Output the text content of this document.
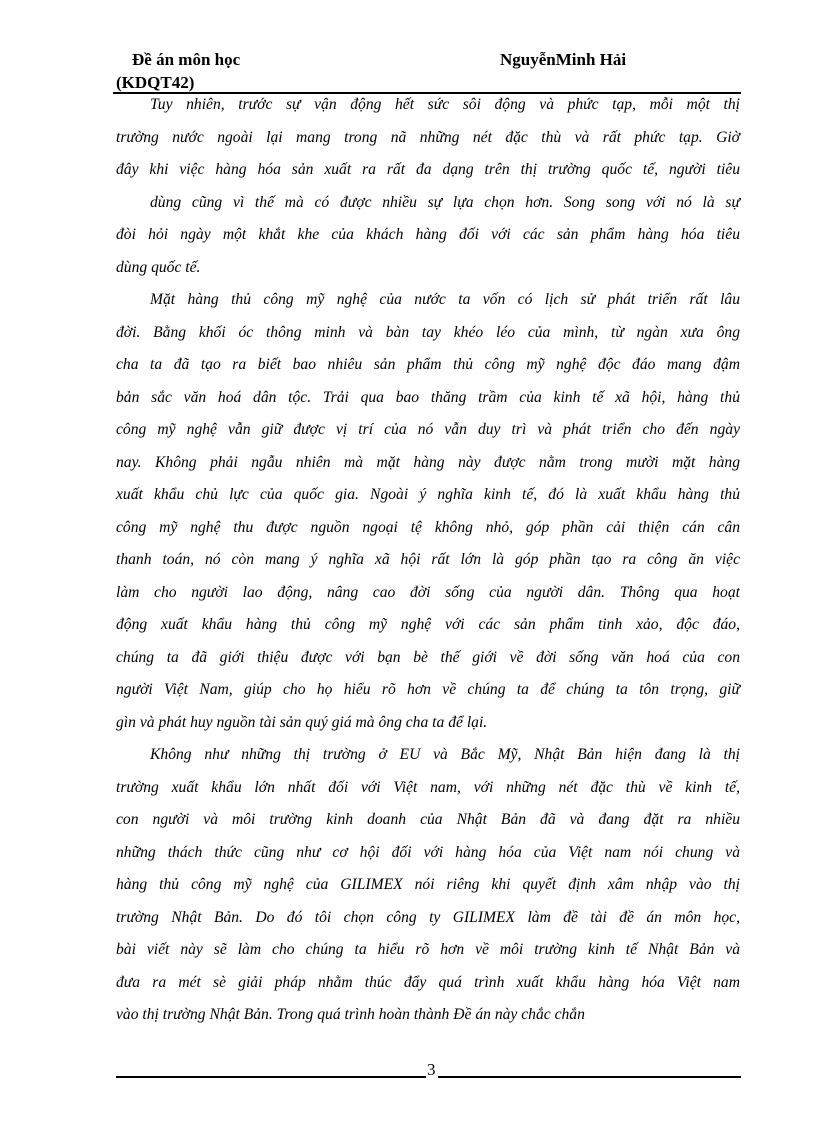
Đề án môn học	NguyễnMinh Hải
(KDQT42)
Tuy nhiên, trước sự vận động hết sức sôi động và phức tạp, mỗi một thị
trường nước ngoài lại mang trong nã những nét đặc thù và rất phức tạp. Giờ
đây khi việc hàng hóa sản xuất ra rất đa dạng trên thị trường quốc tế, người tiêu
dùng cũng vì thế mà có được nhiều sự lựa chọn hơn. Song song với nó là sự
đòi hỏi ngày một khắt khe của khách hàng đối với các sản phẩm hàng hóa tiêu
dùng quốc tế.
Mặt hàng thủ công mỹ nghệ của nước ta vốn có lịch sử phát triển rất lâu
đời. Bằng khối óc thông minh và bàn tay khéo léo của mình, từ ngàn xưa ông
cha ta đã tạo ra biết bao nhiêu sản phẩm thủ công mỹ nghệ độc đáo mang đậm
bản sắc văn hoá dân tộc. Trải qua bao thăng trầm của kinh tế xã hội, hàng thủ
công mỹ nghệ vẫn giữ được vị trí của nó vẫn duy trì và phát triển cho đến ngày
nay. Không phải ngẫu nhiên mà mặt hàng này được nằm trong mười mặt hàng
xuất khẩu chủ lực của quốc gia. Ngoài ý nghĩa kinh tế, đó là xuất khẩu hàng thủ
công mỹ nghệ thu được nguồn ngoại tệ không nhỏ, góp phần cải thiện cán cân
thanh toán, nó còn mang ý nghĩa xã hội rất lớn là góp phần tạo ra công ăn việc
làm cho người lao động, nâng cao đời sống của người dân. Thông qua hoạt
động xuất khẩu hàng thủ công mỹ nghệ với các sản phẩm tinh xảo, độc đáo,
chúng ta đã giới thiệu được với bạn bè thế giới về đời sống văn hoá của con
người Việt Nam, giúp cho họ hiểu rõ hơn về chúng ta để chúng ta tôn trọng, giữ
gìn và phát huy nguồn tài sản quý giá mà ông cha ta để lại.
Không như những thị trường ở EU và Bắc Mỹ, Nhật Bản hiện đang là thị
trường xuất khẩu lớn nhất đối với Việt nam, với những nét đặc thù về kinh tế,
con người và môi trường kinh doanh của Nhật Bản đã và đang đặt ra nhiều
những thách thức cũng như cơ hội đối với hàng hóa của Việt nam nói chung và
hàng thủ công mỹ nghệ của GILIMEX nói riêng khi quyết định xâm nhập vào thị
trường Nhật Bản. Do đó tôi chọn công ty GILIMEX làm đề tài đề án môn học,
bài viết này sẽ làm cho chúng ta hiểu rõ hơn về môi trường kinh tế Nhật Bản và
đưa ra mét sè giải pháp nhằm thúc đẩy quá trình xuất khẩu hàng hóa Việt nam
vào thị trường Nhật Bản. Trong quá trình hoàn thành Đề án này chắc chắn
3
